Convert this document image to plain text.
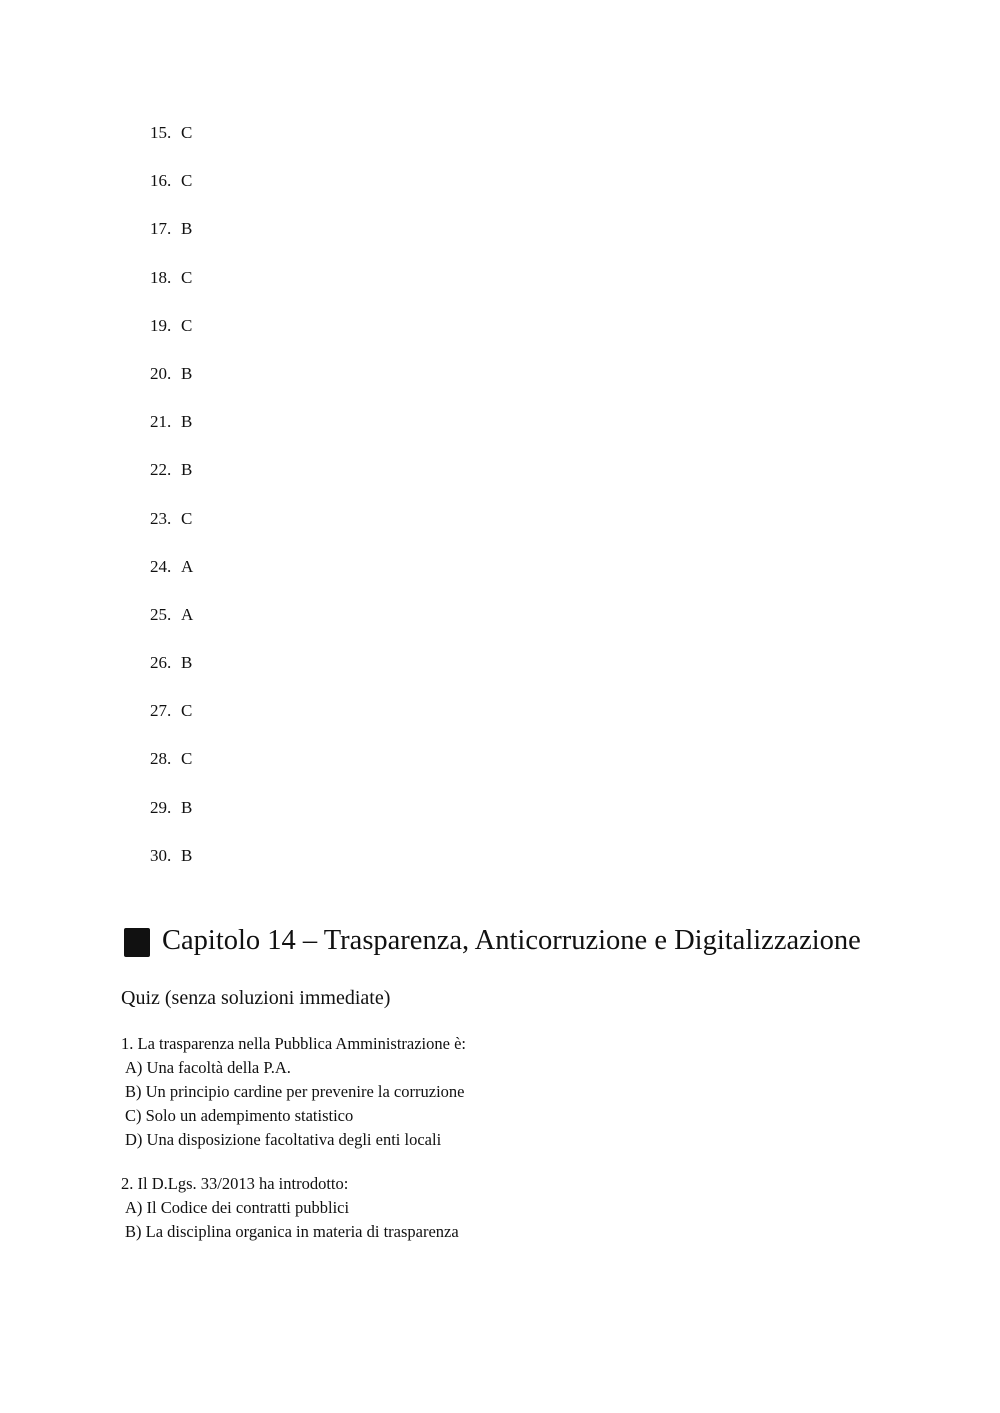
15. C
16. C
17. B
18. C
19. C
20. B
21. B
22. B
23. C
24. A
25. A
26. B
27. C
28. C
29. B
30. B
Capitolo 14 – Trasparenza, Anticorruzione e Digitalizzazione

Quiz (senza soluzioni immediate)

1. La trasparenza nella Pubblica Amministrazione è:
A) Una facoltà della P.A.
B) Un principio cardine per prevenire la corruzione
C) Solo un adempimento statistico
D) Una disposizione facoltativa degli enti locali
2. Il D.Lgs. 33/2013 ha introdotto:
A) Il Codice dei contratti pubblici
B) La disciplina organica in materia di trasparenza
